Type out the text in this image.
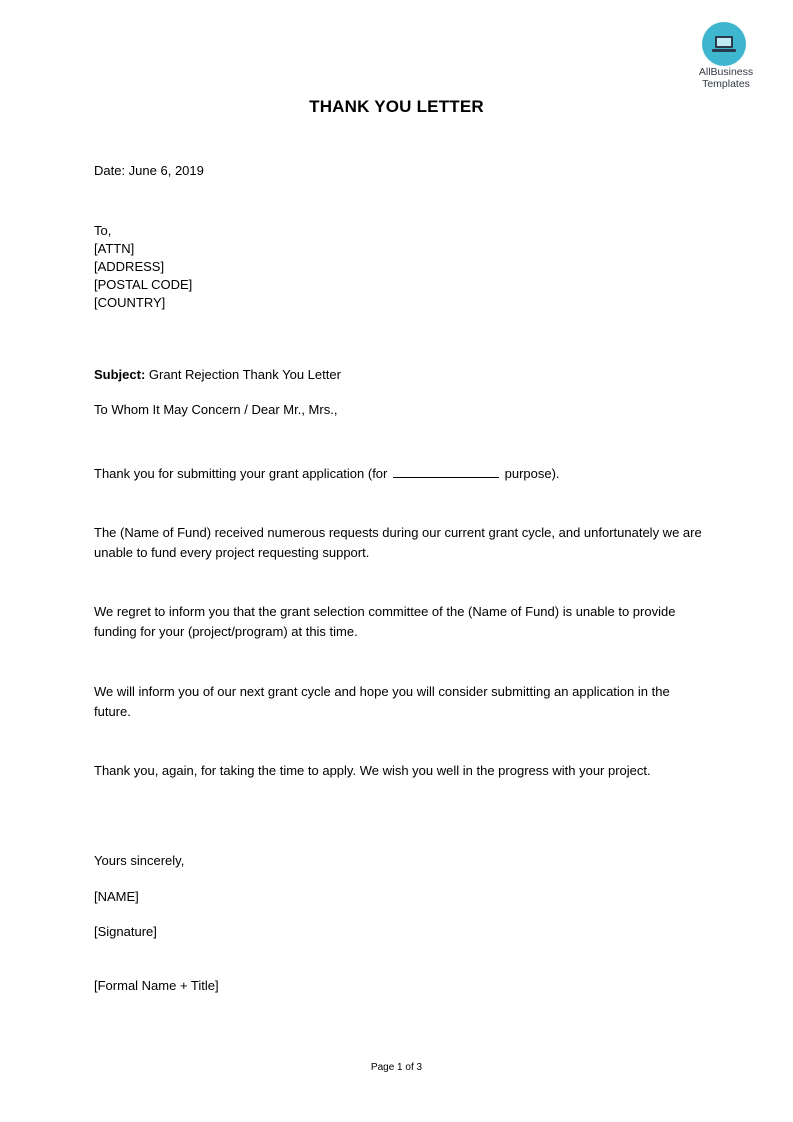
AllBusiness
Templates
THANK YOU LETTER
Date: June 6, 2019
To,
[ATTN]
[ADDRESS]
[POSTAL CODE]
[COUNTRY]
Subject: Grant Rejection Thank You Letter
To Whom It May Concern / Dear Mr., Mrs.,
Thank you for submitting your grant application (for	purpose).
The (Name of Fund) received numerous requests during our current grant cycle, and unfortunately we are unable to fund every project requesting support.
We regret to inform you that the grant selection committee of the (Name of Fund) is unable to provide funding for your (project/program) at this time.
We will inform you of our next grant cycle and hope you will consider submitting an application in the future.
Thank you, again, for taking the time to apply. We wish you well in the progress with your project.
Yours sincerely,
[NAME]
[Signature]
[Formal Name + Title]
Page 1 of 3
